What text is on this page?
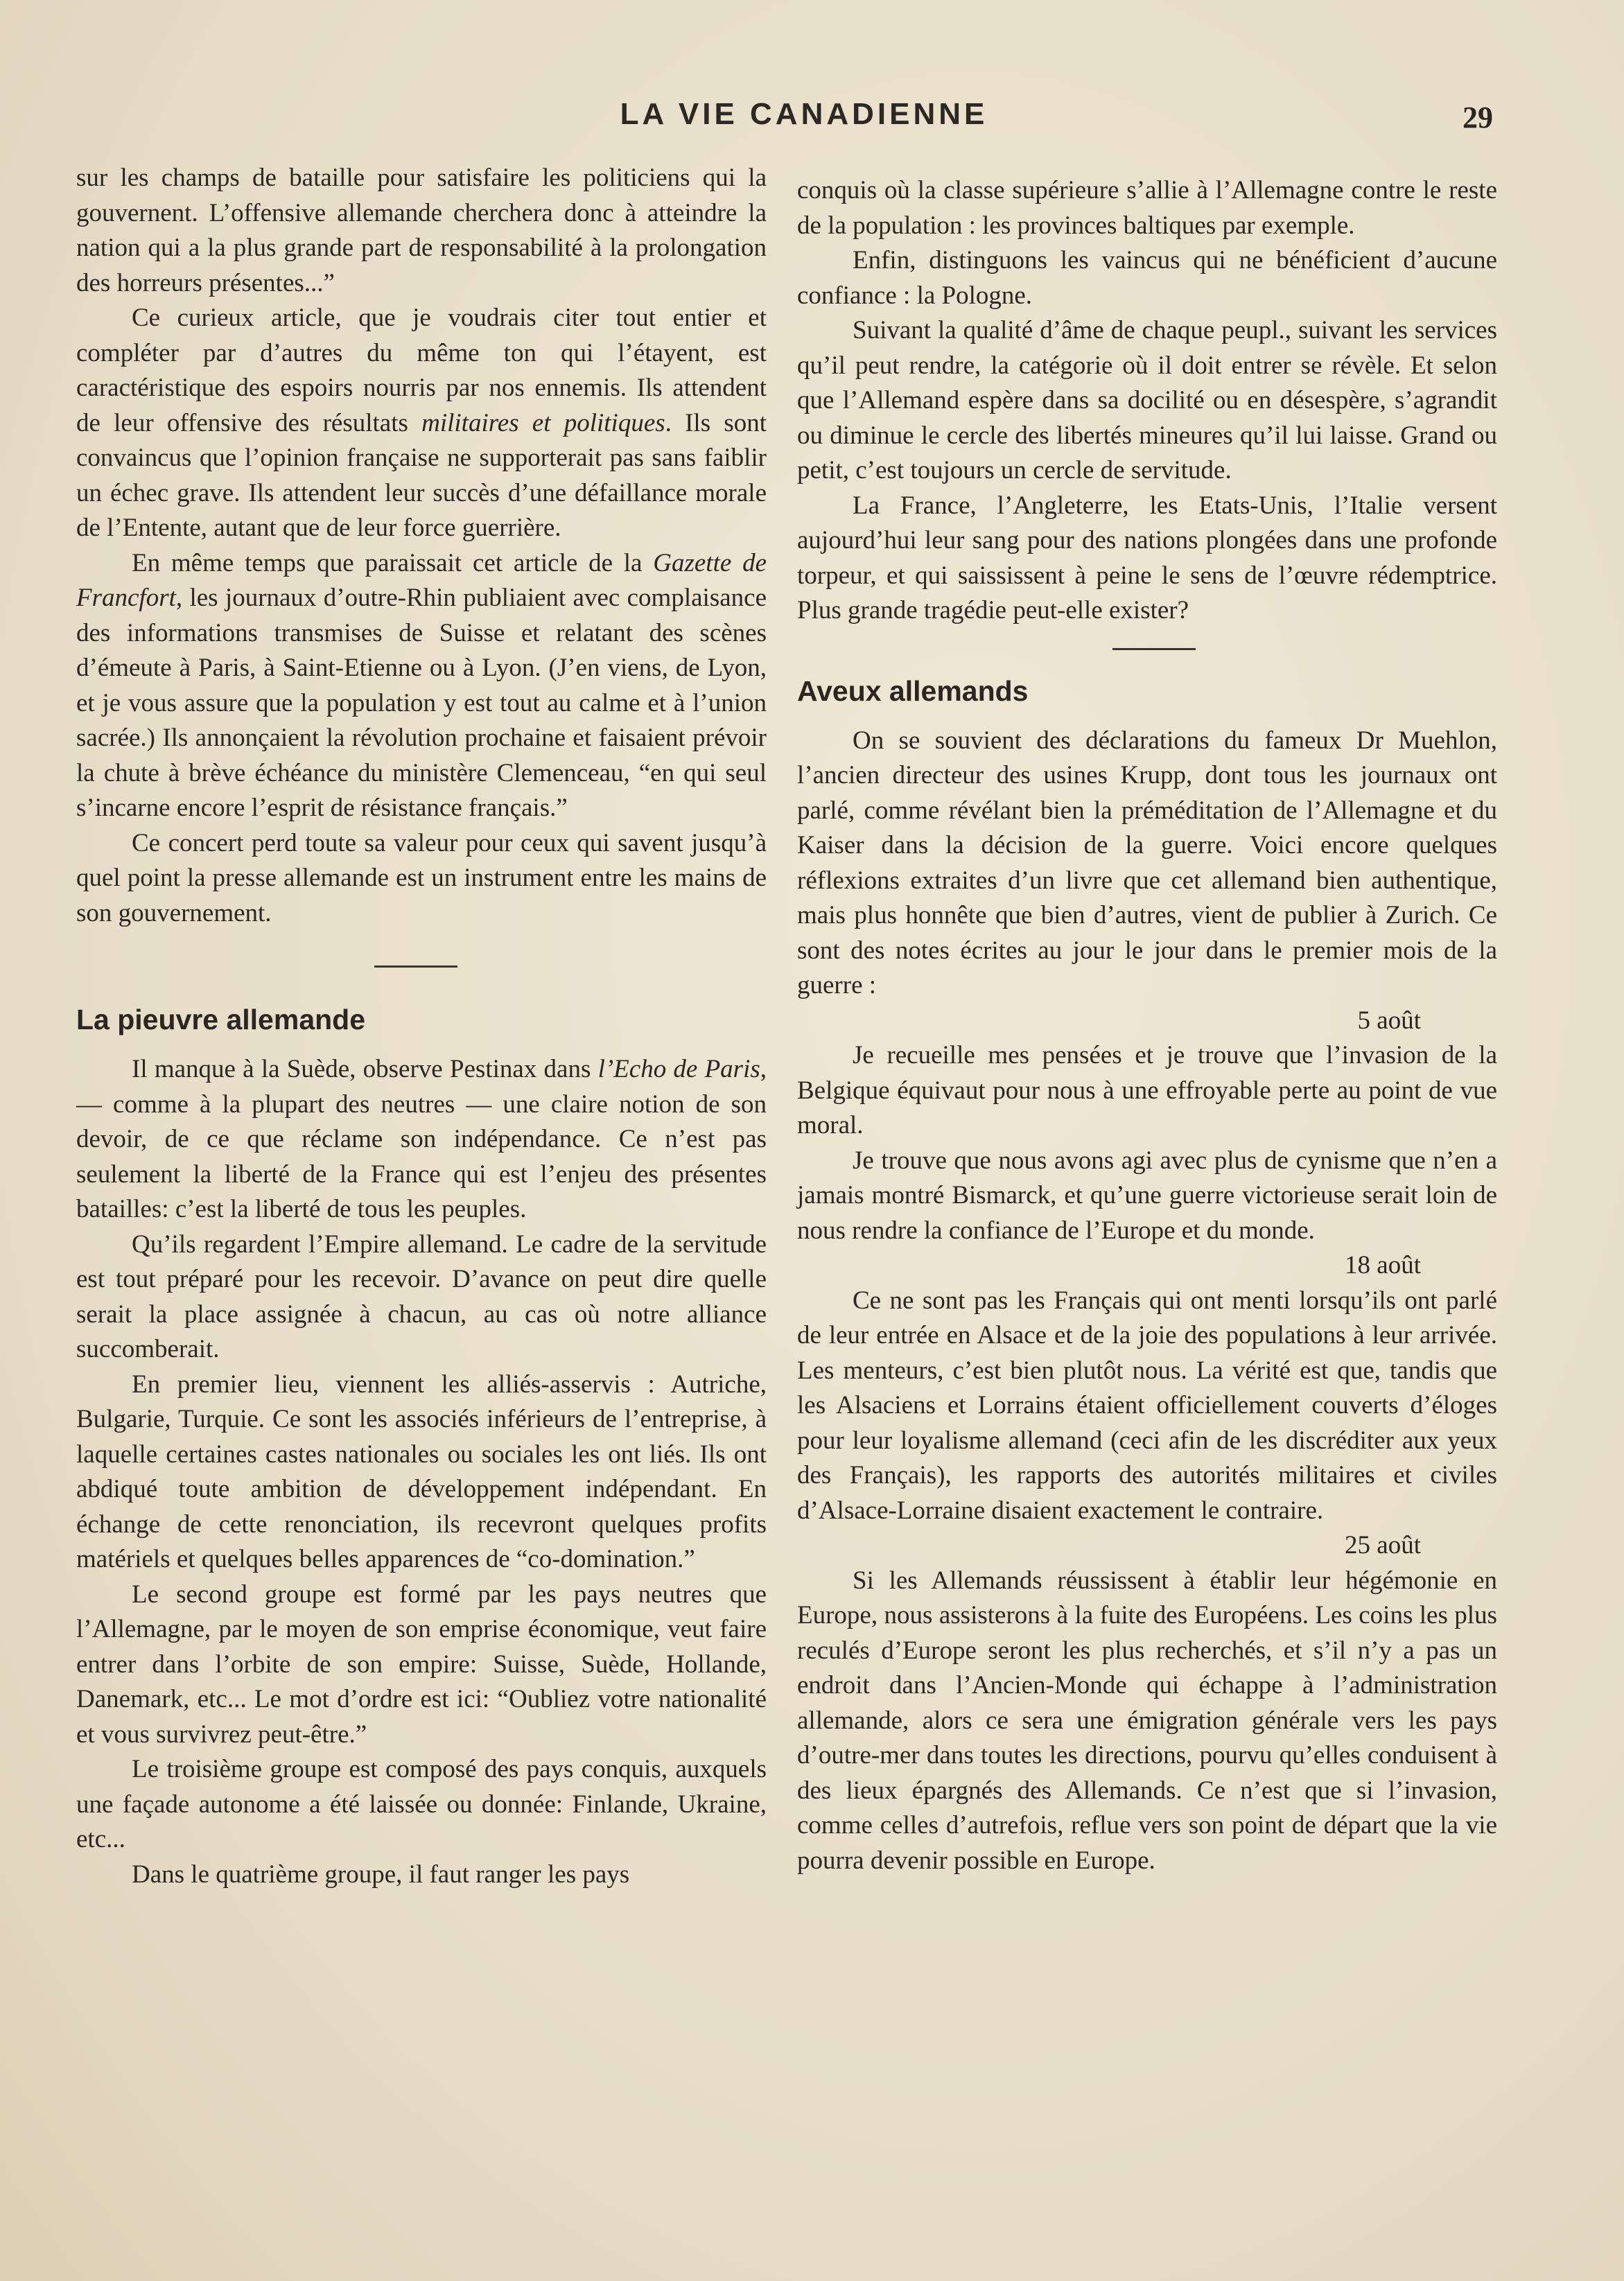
LA VIE CANADIENNE	29

sur les champs de bataille pour satisfaire les politiciens qui la gouvernent. L’offensive allemande cherchera donc à atteindre la nation qui a la plus grande part de responsabilité à la prolongation des horreurs présentes...”

Ce curieux article, que je voudrais citer tout entier et compléter par d’autres du même ton qui l’étayent, est caractéristique des espoirs nourris par nos ennemis. Ils attendent de leur offensive des résultats militaires et politiques. Ils sont convaincus que l’opinion française ne supporterait pas sans faiblir un échec grave. Ils attendent leur succès d’une défaillance morale de l’Entente, autant que de leur force guerrière.

En même temps que paraissait cet article de la Gazette de Francfort, les journaux d’outre-Rhin publiaient avec complaisance des informations transmises de Suisse et relatant des scènes d’émeute à Paris, à Saint-Etienne ou à Lyon. (J’en viens, de Lyon, et je vous assure que la population y est tout au calme et à l’union sacrée.) Ils annonçaient la révolution prochaine et faisaient prévoir la chute à brève échéance du ministère Clemenceau, “en qui seul s’incarne encore l’esprit de résistance français.”

Ce concert perd toute sa valeur pour ceux qui savent jusqu’à quel point la presse allemande est un instrument entre les mains de son gouvernement.

La pieuvre allemande

Il manque à la Suède, observe Pestinax dans l’Echo de Paris,— comme à la plupart des neutres — une claire notion de son devoir, de ce que réclame son indépendance. Ce n’est pas seulement la liberté de la France qui est l’enjeu des présentes batailles: c’est la liberté de tous les peuples.

Qu’ils regardent l’Empire allemand. Le cadre de la servitude est tout préparé pour les recevoir. D’avance on peut dire quelle serait la place assignée à chacun, au cas où notre alliance succomberait.

En premier lieu, viennent les alliés-asservis : Autriche, Bulgarie, Turquie. Ce sont les associés inférieurs de l’entreprise, à laquelle certaines castes nationales ou sociales les ont liés. Ils ont abdiqué toute ambition de développement indépendant. En échange de cette renonciation, ils recevront quelques profits matériels et quelques belles apparences de “co-domination.”

Le second groupe est formé par les pays neutres que l’Allemagne, par le moyen de son emprise économique, veut faire entrer dans l’orbite de son empire: Suisse, Suède, Hollande, Danemark, etc... Le mot d’ordre est ici: “Oubliez votre nationalité et vous survivrez peut-être.”

Le troisième groupe est composé des pays conquis, auxquels une façade autonome a été laissée ou donnée: Finlande, Ukraine, etc...

Dans le quatrième groupe, il faut ranger les pays

conquis où la classe supérieure s’allie à l’Allemagne contre le reste de la population : les provinces baltiques par exemple.

Enfin, distinguons les vaincus qui ne bénéficient d’aucune confiance : la Pologne.

Suivant la qualité d’âme de chaque peupl., suivant les services qu’il peut rendre, la catégorie où il doit entrer se révèle. Et selon que l’Allemand espère dans sa docilité ou en désespère, s’agrandit ou diminue le cercle des libertés mineures qu’il lui laisse. Grand ou petit, c’est toujours un cercle de servitude.

La France, l’Angleterre, les Etats-Unis, l’Italie versent aujourd’hui leur sang pour des nations plongées dans une profonde torpeur, et qui saississent à peine le sens de l’œuvre rédemptrice. Plus grande tragédie peut-elle exister?

Aveux allemands

On se souvient des déclarations du fameux Dr Muehlon, l’ancien directeur des usines Krupp, dont tous les journaux ont parlé, comme révélant bien la préméditation de l’Allemagne et du Kaiser dans la décision de la guerre. Voici encore quelques réflexions extraites d’un livre que cet allemand bien authentique, mais plus honnête que bien d’autres, vient de publier à Zurich. Ce sont des notes écrites au jour le jour dans le premier mois de la guerre :

5 août

Je recueille mes pensées et je trouve que l’invasion de la Belgique équivaut pour nous à une effroyable perte au point de vue moral.

Je trouve que nous avons agi avec plus de cynisme que n’en a jamais montré Bismarck, et qu’une guerre victorieuse serait loin de nous rendre la confiance de l’Europe et du monde.

18 août

Ce ne sont pas les Français qui ont menti lorsqu’ils ont parlé de leur entrée en Alsace et de la joie des populations à leur arrivée. Les menteurs, c’est bien plutôt nous. La vérité est que, tandis que les Alsaciens et Lorrains étaient officiellement couverts d’éloges pour leur loyalisme allemand (ceci afin de les discréditer aux yeux des Français), les rapports des autorités militaires et civiles d’Alsace-Lorraine disaient exactement le contraire.

25 août

Si les Allemands réussissent à établir leur hégémonie en Europe, nous assisterons à la fuite des Européens. Les coins les plus reculés d’Europe seront les plus recherchés, et s’il n’y a pas un endroit dans l’Ancien-Monde qui échappe à l’administration allemande, alors ce sera une émigration générale vers les pays d’outre-mer dans toutes les directions, pourvu qu’elles conduisent à des lieux épargnés des Allemands. Ce n’est que si l’invasion, comme celles d’autrefois, reflue vers son point de départ que la vie pourra devenir possible en Europe.
